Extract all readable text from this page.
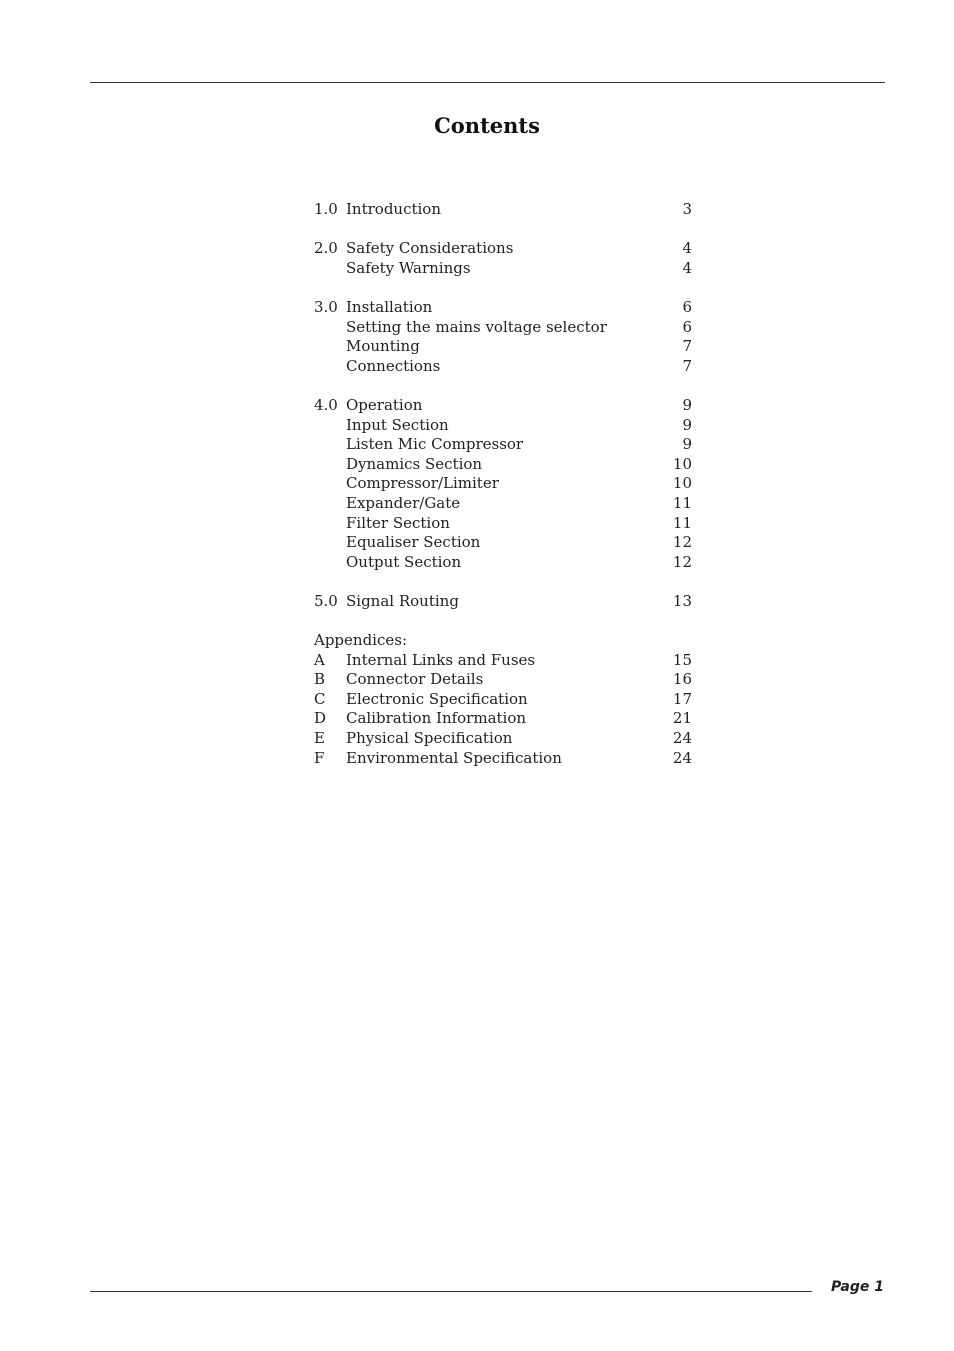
Contents
1.0 Introduction	3
2.0 Safety Considerations	4
Safety Warnings	4
3.0 Installation	6
Setting the mains voltage selector	6
Mounting	7
Connections	7
4.0 Operation	9
Input Section	9
Listen Mic Compressor	9
Dynamics Section	10
Compressor/Limiter	10
Expander/Gate	11
Filter Section	11
Equaliser Section	12
Output Section	12
5.0 Signal Routing	13
Appendices:
A Internal Links and Fuses	15
B Connector Details	16
C Electronic Specification	17
D Calibration Information	21
E Physical Specification	24
F Environmental Specification	24
Page 1
